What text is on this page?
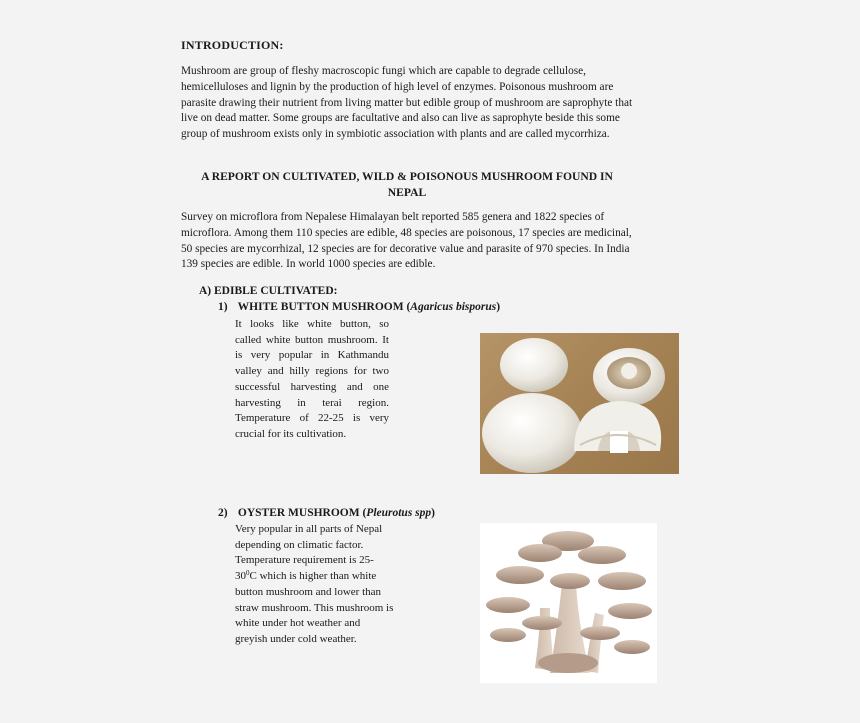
INTRODUCTION:
Mushroom are group of fleshy macroscopic fungi which are capable to degrade cellulose, hemicelluloses and lignin by the production of high level of enzymes. Poisonous mushroom are parasite drawing their nutrient from living matter but edible group of mushroom are saprophyte that live on dead matter. Some groups are facultative and also can live as saprophyte beside this some group of mushroom exists only in symbiotic association with plants and are called mycorrhiza.
A REPORT ON CULTIVATED, WILD & POISONOUS MUSHROOM FOUND IN NEPAL
Survey on microflora from Nepalese Himalayan belt reported 585 genera and 1822 species of microflora. Among them 110 species are edible, 48 species are poisonous, 17 species are medicinal, 50 species are mycorrhizal, 12 species are for decorative value and parasite of 970 species. In India 139 species are edible. In world 1000 species are edible.
A) EDIBLE CULTIVATED:
1) WHITE BUTTON MUSHROOM (Agaricus bisporus)
It looks like white button, so called white button mushroom. It is very popular in Kathmandu valley and hilly regions for two successful harvesting and one harvesting in terai region. Temperature of 22-25 is very crucial for its cultivation.
2) OYSTER MUSHROOM (Pleurotus spp)
Very popular in all parts of Nepal depending on climatic factor. Temperature requirement is $25-30^0C$ which is higher than white button mushroom and lower than straw mushroom. This mushroom is white under hot weather and greyish under cold weather.
